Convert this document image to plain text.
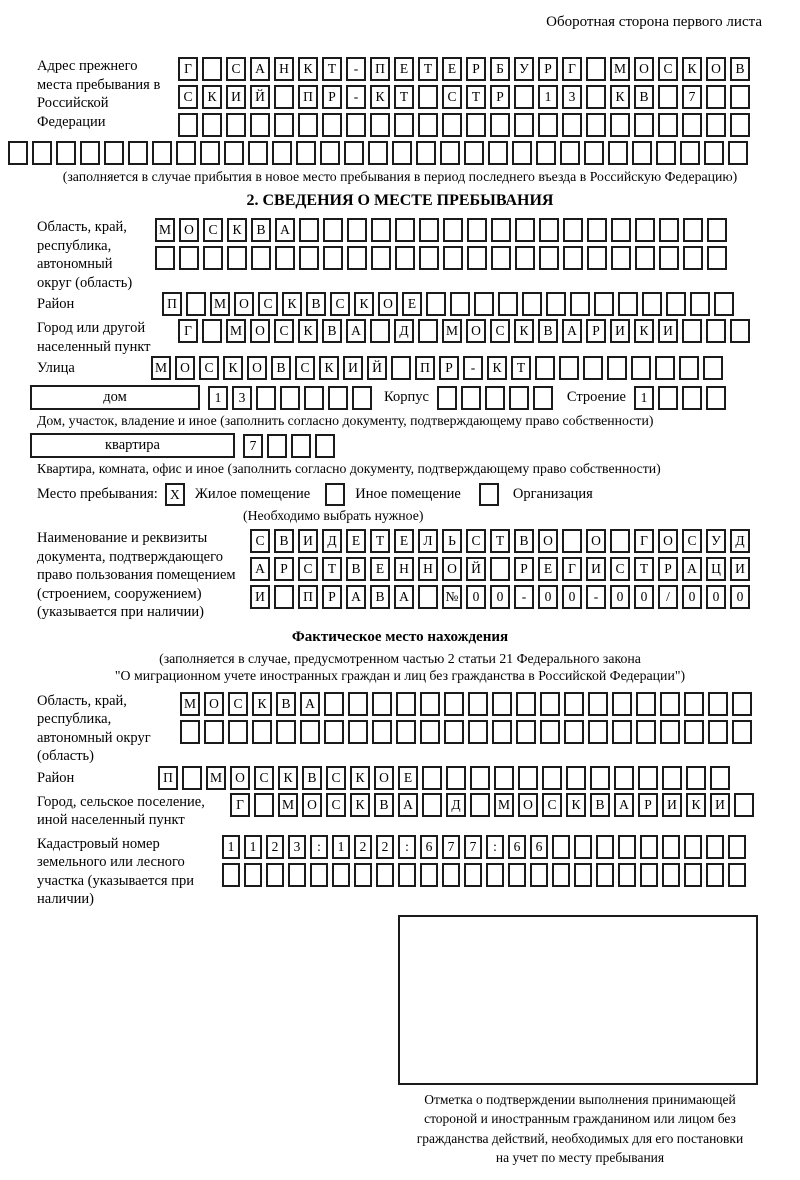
Оборотная сторона первого листа
Адрес прежнего места пребывания в Российской Федерации
Г	С	А	Н	К	Т	-	П	Е	Т	Е	Р	Б	У	Р	Г	М О	С	К	О	В
С	К	И	Й	П	Р	-	К	Т	С	Т	Р	1	3	К	В	7
(заполняется в случае прибытия в новое место пребывания в период последнего въезда в Российскую Федерацию)
2. СВЕДЕНИЯ О МЕСТЕ ПРЕБЫВАНИЯ
Область, край, республика, автономный округ (область)
М О	С	К	В	А
Район	П	М О	С	К	В	С	К	О	Е
Город или другой населенный пункт
Г	М О	С	К	В	А	Д	М О	С	К	В	А	Р	И	К	И
Улица	М О	С	К	О	В	С	К	И	Й	П	Р	-	К	Т
дом	1	3	Корпус	Строение	1
Дом, участок, владение и иное (заполнить согласно документу, подтверждающему право собственности)
квартира	7
Квартира, комната, офис и иное (заполнить согласно документу, подтверждающему право собственности)
Место пребывания: X	Жилое помещение	Иное помещение	Организация
(Необходимо выбрать нужное)
Наименование и реквизиты документа, подтверждающего право пользования помещением (строением, сооружением) (указывается при наличии)
С	В	И	Д	Е	Т	Е	Л	Ь	С	Т	В	О	О	Г	О	С	У	Д
А	Р	С	Т	В	Е	Н	Н	О	Й	Р	Е	Г	И	С	Т	Р	А	Ц	И
И	П	Р	А	В	А	№	0	0	-	0	0	-	0	0	/	0	0	0
Фактическое место нахождения
(заполняется в случае, предусмотренном частью 2 статьи 21 Федерального закона
"О миграционном учете иностранных граждан и лиц без гражданства в Российской Федерации")
Область, край, республика, автономный округ (область)
М О	С	К	В	А
Район	П	М О	С	К	В	С	К	О	Е
Город, сельское поселение, иной населенный пункт
Г	М О	С	К	В	А	Д	М О	С	К	В	А	Р	И	К	И
Кадастровый номер земельного или лесного участка (указывается при наличии)
1	1	2	3	:	1	2	2	:	6	7	7	:	6	6
Отметка о подтверждении выполнения принимающей
стороной и иностранным гражданином или лицом без
гражданства действий, необходимых для его постановки
на учет по месту пребывания
